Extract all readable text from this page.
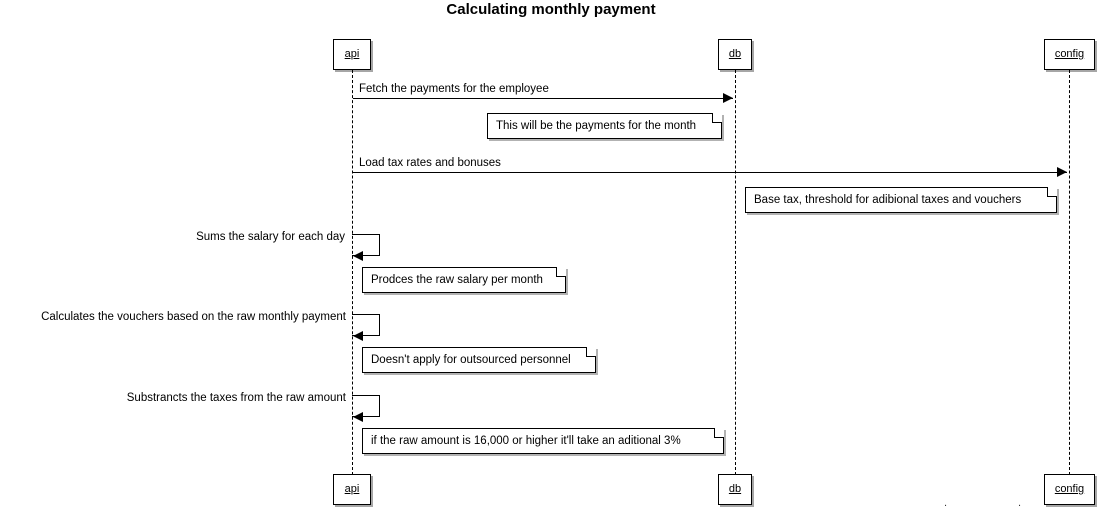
Calculating monthly payment
api	db	config
api	db	config
Fetch the payments for the employee
This will be the payments for the month
Load tax rates and bonuses
Base tax, threshold for adibional taxes and vouchers
Sums the salary for each day
Prodces the raw salary per month
Calculates the vouchers based on the raw monthly payment
Doesn't apply for outsourced personnel
Substrancts the taxes from the raw amount
if the raw amount is 16,000 or higher it'll take an aditional 3%
.	.
